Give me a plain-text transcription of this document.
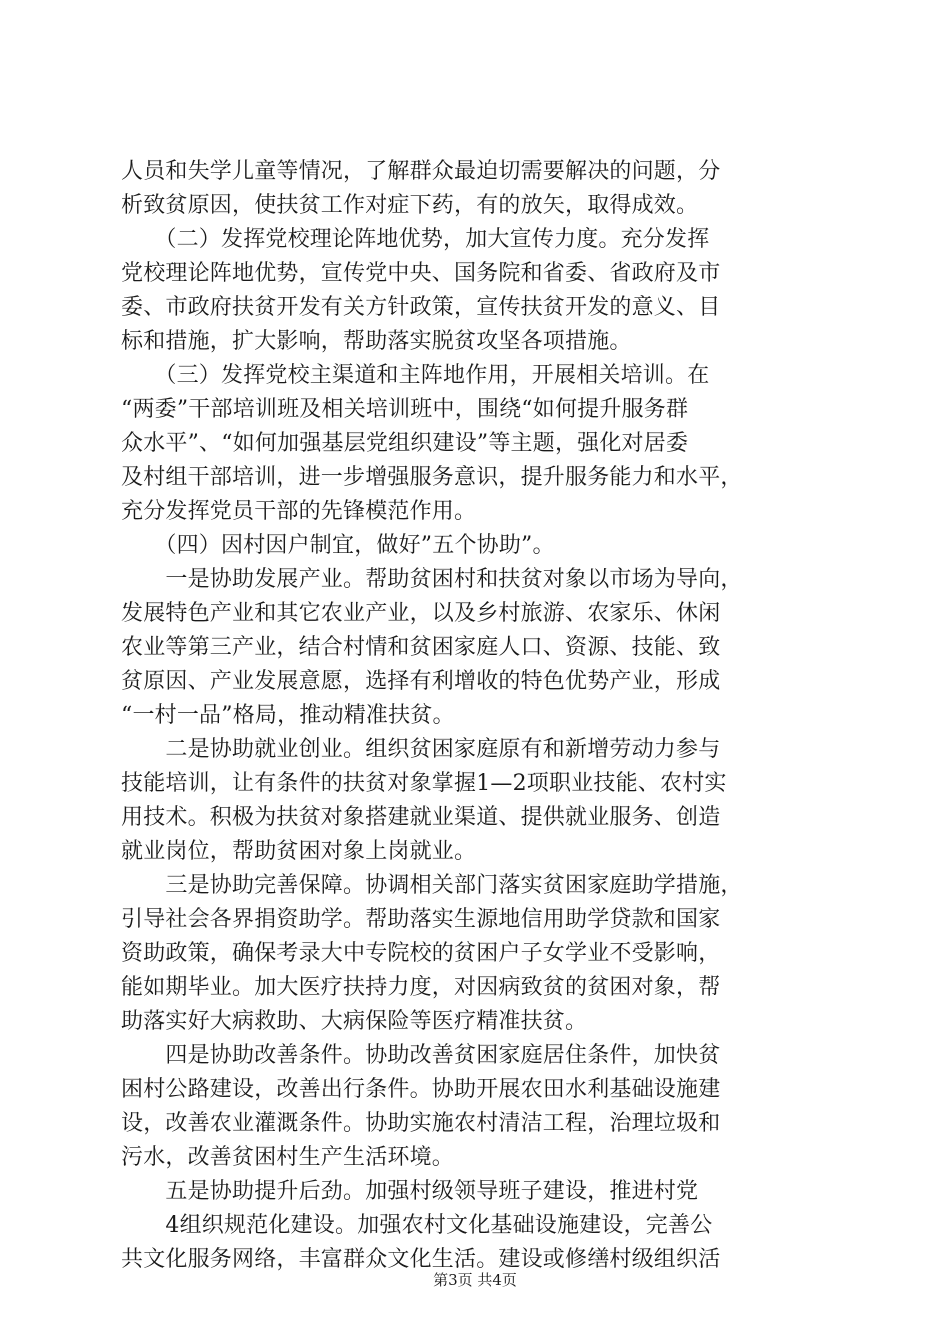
人员和失学儿童等情况，了解群众最迫切需要解决的问题，分
析致贫原因，使扶贫工作对症下药，有的放矢，取得成效。
　　（二）发挥党校理论阵地优势，加大宣传力度。充分发挥
党校理论阵地优势，宣传党中央、国务院和省委、省政府及市
委、市政府扶贫开发有关方针政策，宣传扶贫开发的意义、目
标和措施，扩大影响，帮助落实脱贫攻坚各项措施。
　　（三）发挥党校主渠道和主阵地作用，开展相关培训。在
“两委”干部培训班及相关培训班中，围绕“如何提升服务群
众水平”、“如何加强基层党组织建设”等主题，强化对居委
及村组干部培训，进一步增强服务意识，提升服务能力和水平，
充分发挥党员干部的先锋模范作用。
　　（四）因村因户制宜，做好”五个协助”。
　　一是协助发展产业。帮助贫困村和扶贫对象以市场为导向，
发展特色产业和其它农业产业，以及乡村旅游、农家乐、休闲
农业等第三产业，结合村情和贫困家庭人口、资源、技能、致
贫原因、产业发展意愿，选择有利增收的特色优势产业，形成
“一村一品”格局，推动精准扶贫。
　　二是协助就业创业。组织贫困家庭原有和新增劳动力参与
技能培训，让有条件的扶贫对象掌握1—2项职业技能、农村实
用技术。积极为扶贫对象搭建就业渠道、提供就业服务、创造
就业岗位，帮助贫困对象上岗就业。
　　三是协助完善保障。协调相关部门落实贫困家庭助学措施，
引导社会各界捐资助学。帮助落实生源地信用助学贷款和国家
资助政策，确保考录大中专院校的贫困户子女学业不受影响，
能如期毕业。加大医疗扶持力度，对因病致贫的贫困对象，帮
助落实好大病救助、大病保险等医疗精准扶贫。
　　四是协助改善条件。协助改善贫困家庭居住条件，加快贫
困村公路建设，改善出行条件。协助开展农田水利基础设施建
设，改善农业灌溉条件。协助实施农村清洁工程，治理垃圾和
污水，改善贫困村生产生活环境。
　　五是协助提升后劲。加强村级领导班子建设，推进村党
　　4组织规范化建设。加强农村文化基础设施建设，完善公
共文化服务网络，丰富群众文化生活。建设或修缮村级组织活
第3页 共4页
